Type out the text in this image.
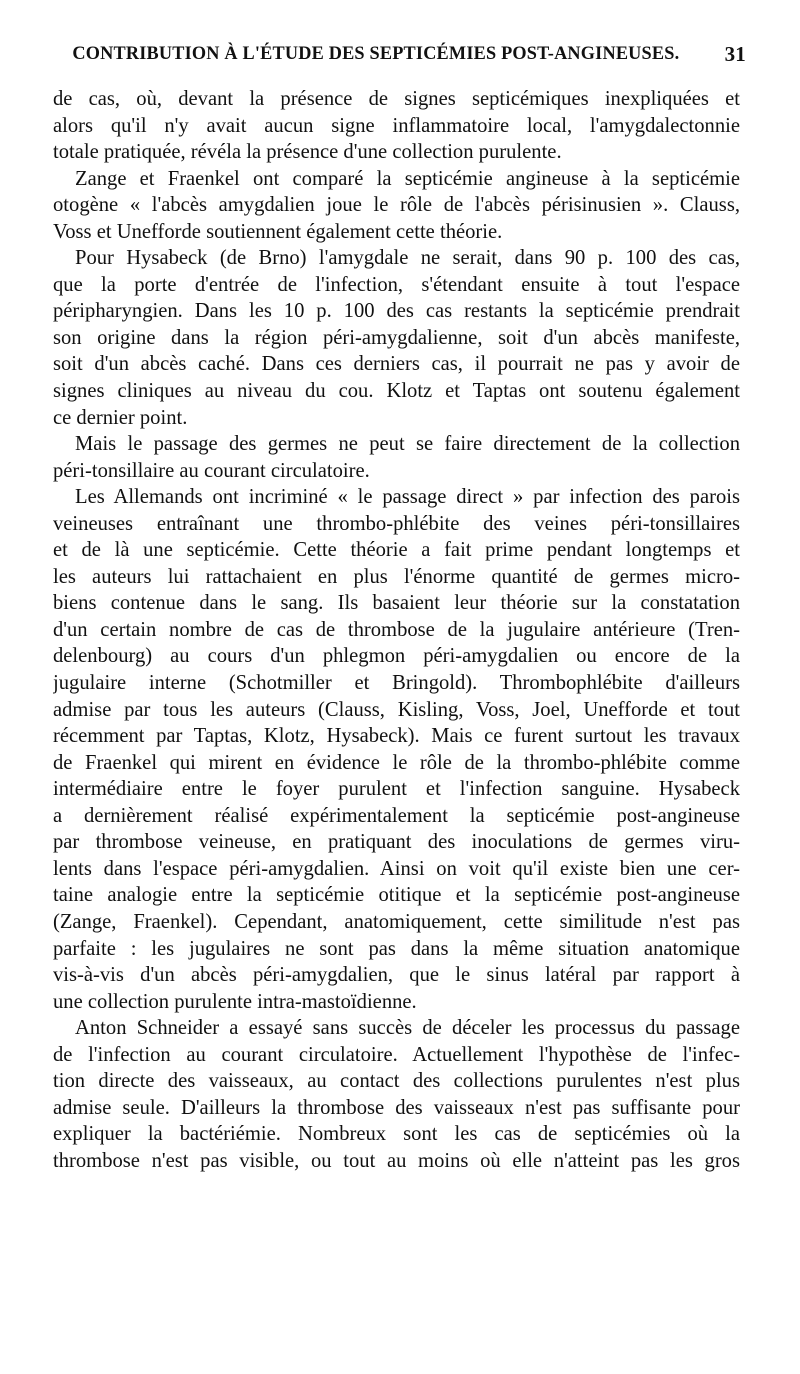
CONTRIBUTION À L'ÉTUDE DES SEPTICÉMIES POST-ANGINEUSES.	31
de cas, où, devant la présence de signes septicémiques inexpliquées et
alors qu'il n'y avait aucun signe inflammatoire local, l'amygdalectonnie
totale pratiquée, révéla la présence d'une collection purulente.
Zange et Fraenkel ont comparé la septicémie angineuse à la septicémie
otogène « l'abcès amygdalien joue le rôle de l'abcès périsinusien ». Clauss,
Voss et Unefforde soutiennent également cette théorie.
Pour Hysabeck (de Brno) l'amygdale ne serait, dans 90 p. 100 des cas,
que la porte d'entrée de l'infection, s'étendant ensuite à tout l'espace
péripharyngien. Dans les 10 p. 100 des cas restants la septicémie prendrait
son origine dans la région péri-amygdalienne, soit d'un abcès manifeste,
soit d'un abcès caché. Dans ces derniers cas, il pourrait ne pas y avoir de
signes cliniques au niveau du cou. Klotz et Taptas ont soutenu également
ce dernier point.
Mais le passage des germes ne peut se faire directement de la collection
péri-tonsillaire au courant circulatoire.
Les Allemands ont incriminé « le passage direct » par infection des parois
veineuses entraînant une thrombo-phlébite des veines péri-tonsillaires
et de là une septicémie. Cette théorie a fait prime pendant longtemps et
les auteurs lui rattachaient en plus l'énorme quantité de germes micro-
biens contenue dans le sang. Ils basaient leur théorie sur la constatation
d'un certain nombre de cas de thrombose de la jugulaire antérieure (Tren-
delenbourg) au cours d'un phlegmon péri-amygdalien ou encore de la
jugulaire interne (Schotmiller et Bringold). Thrombophlébite d'ailleurs
admise par tous les auteurs (Clauss, Kisling, Voss, Joel, Unefforde et tout
récemment par Taptas, Klotz, Hysabeck). Mais ce furent surtout les travaux
de Fraenkel qui mirent en évidence le rôle de la thrombo-phlébite comme
intermédiaire entre le foyer purulent et l'infection sanguine. Hysabeck
a dernièrement réalisé expérimentalement la septicémie post-angineuse
par thrombose veineuse, en pratiquant des inoculations de germes viru-
lents dans l'espace péri-amygdalien. Ainsi on voit qu'il existe bien une cer-
taine analogie entre la septicémie otitique et la septicémie post-angineuse
(Zange, Fraenkel). Cependant, anatomiquement, cette similitude n'est pas
parfaite : les jugulaires ne sont pas dans la même situation anatomique
vis-à-vis d'un abcès péri-amygdalien, que le sinus latéral par rapport à
une collection purulente intra-mastoïdienne.
Anton Schneider a essayé sans succès de déceler les processus du passage
de l'infection au courant circulatoire. Actuellement l'hypothèse de l'infec-
tion directe des vaisseaux, au contact des collections purulentes n'est plus
admise seule. D'ailleurs la thrombose des vaisseaux n'est pas suffisante pour
expliquer la bactériémie. Nombreux sont les cas de septicémies où la
thrombose n'est pas visible, ou tout au moins où elle n'atteint pas les gros
